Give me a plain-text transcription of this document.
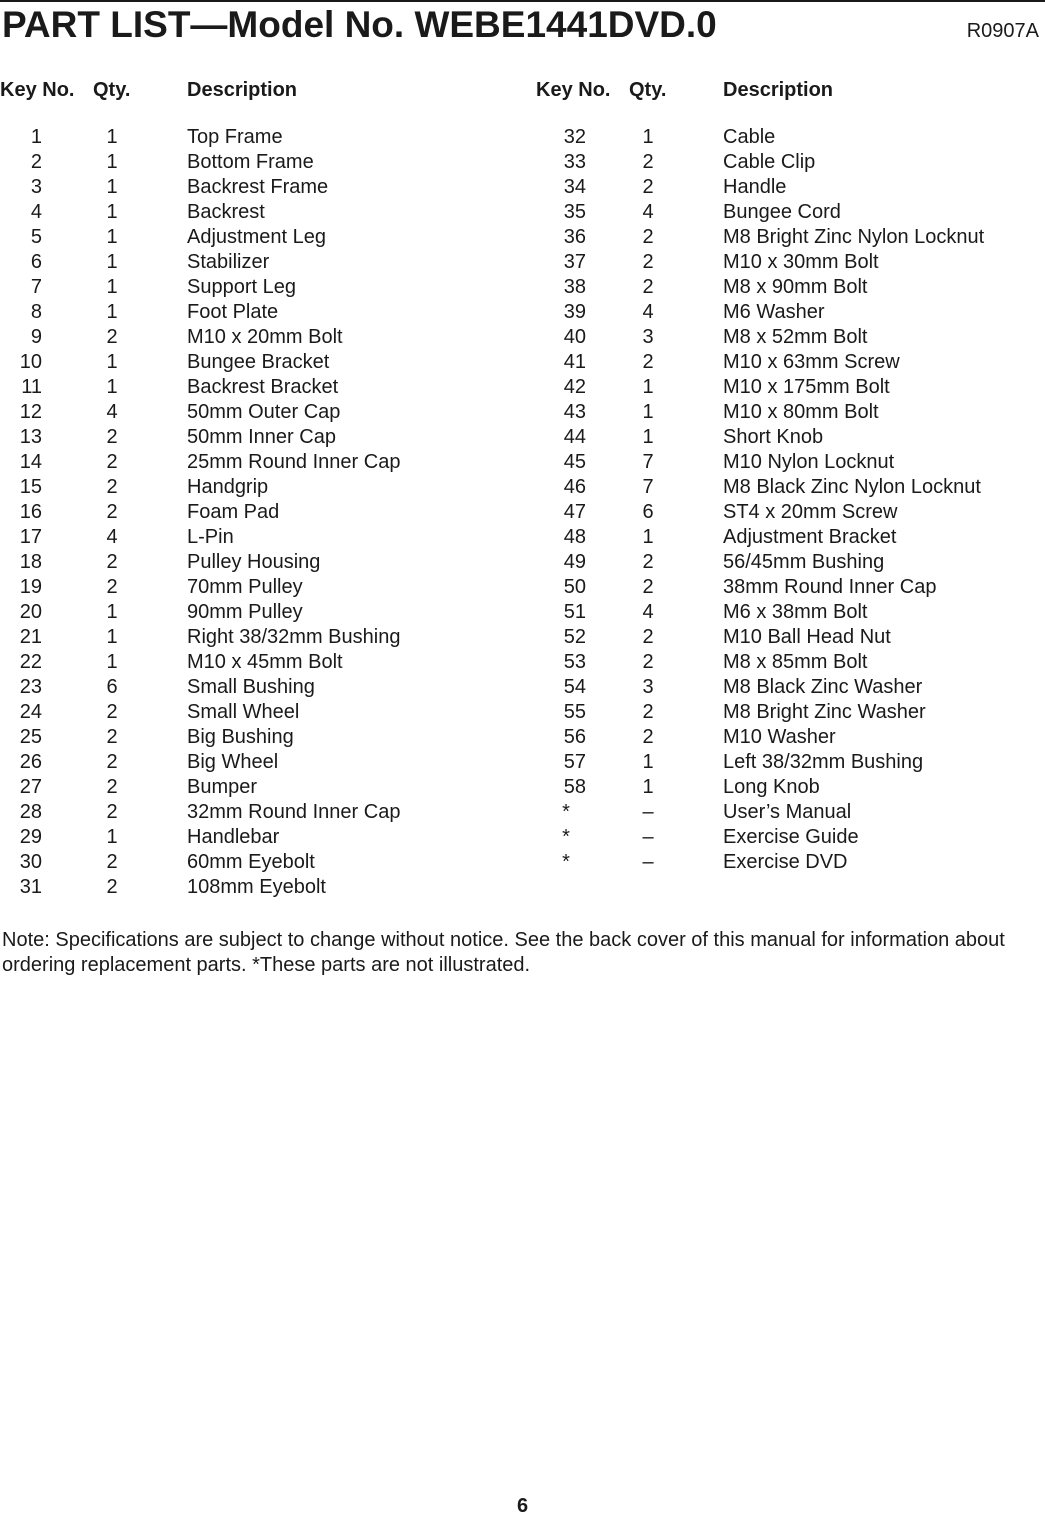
PART LIST—Model No. WEBE1441DVD.0	R0907A
Key No. Qty.	Description
1	1	Top Frame
2	1	Bottom Frame
3	1	Backrest Frame
4	1	Backrest
5	1	Adjustment Leg
6	1	Stabilizer
7	1	Support Leg
8	1	Foot Plate
9	2	M10 x 20mm Bolt
10	1	Bungee Bracket
11	1	Backrest Bracket
12	4	50mm Outer Cap
13	2	50mm Inner Cap
14	2	25mm Round Inner Cap
15	2	Handgrip
16	2	Foam Pad
17	4	L-Pin
18	2	Pulley Housing
19	2	70mm Pulley
20	1	90mm Pulley
21	1	Right 38/32mm Bushing
22	1	M10 x 45mm Bolt
23	6	Small Bushing
24	2	Small Wheel
25	2	Big Bushing
26	2	Big Wheel
27	2	Bumper
28	2	32mm Round Inner Cap
29	1	Handlebar
30	2	60mm Eyebolt
31	2	108mm Eyebolt
Key No. Qty.	Description
32	1	Cable
33	2	Cable Clip
34	2	Handle
35	4	Bungee Cord
36	2	M8 Bright Zinc Nylon Locknut
37	2	M10 x 30mm Bolt
38	2	M8 x 90mm Bolt
39	4	M6 Washer
40	3	M8 x 52mm Bolt
41	2	M10 x 63mm Screw
42	1	M10 x 175mm Bolt
43	1	M10 x 80mm Bolt
44	1	Short Knob
45	7	M10 Nylon Locknut
46	7	M8 Black Zinc Nylon Locknut
47	6	ST4 x 20mm Screw
48	1	Adjustment Bracket
49	2	56/45mm Bushing
50	2	38mm Round Inner Cap
51	4	M6 x 38mm Bolt
52	2	M10 Ball Head Nut
53	2	M8 x 85mm Bolt
54	3	M8 Black Zinc Washer
55	2	M8 Bright Zinc Washer
56	2	M10 Washer
57	1	Left 38/32mm Bushing
58	1	Long Knob
*	–	User’s Manual
*	–	Exercise Guide
*	–	Exercise DVD
Note: Specifications are subject to change without notice. See the back cover of this manual for information about ordering replacement parts. *These parts are not illustrated.
6
